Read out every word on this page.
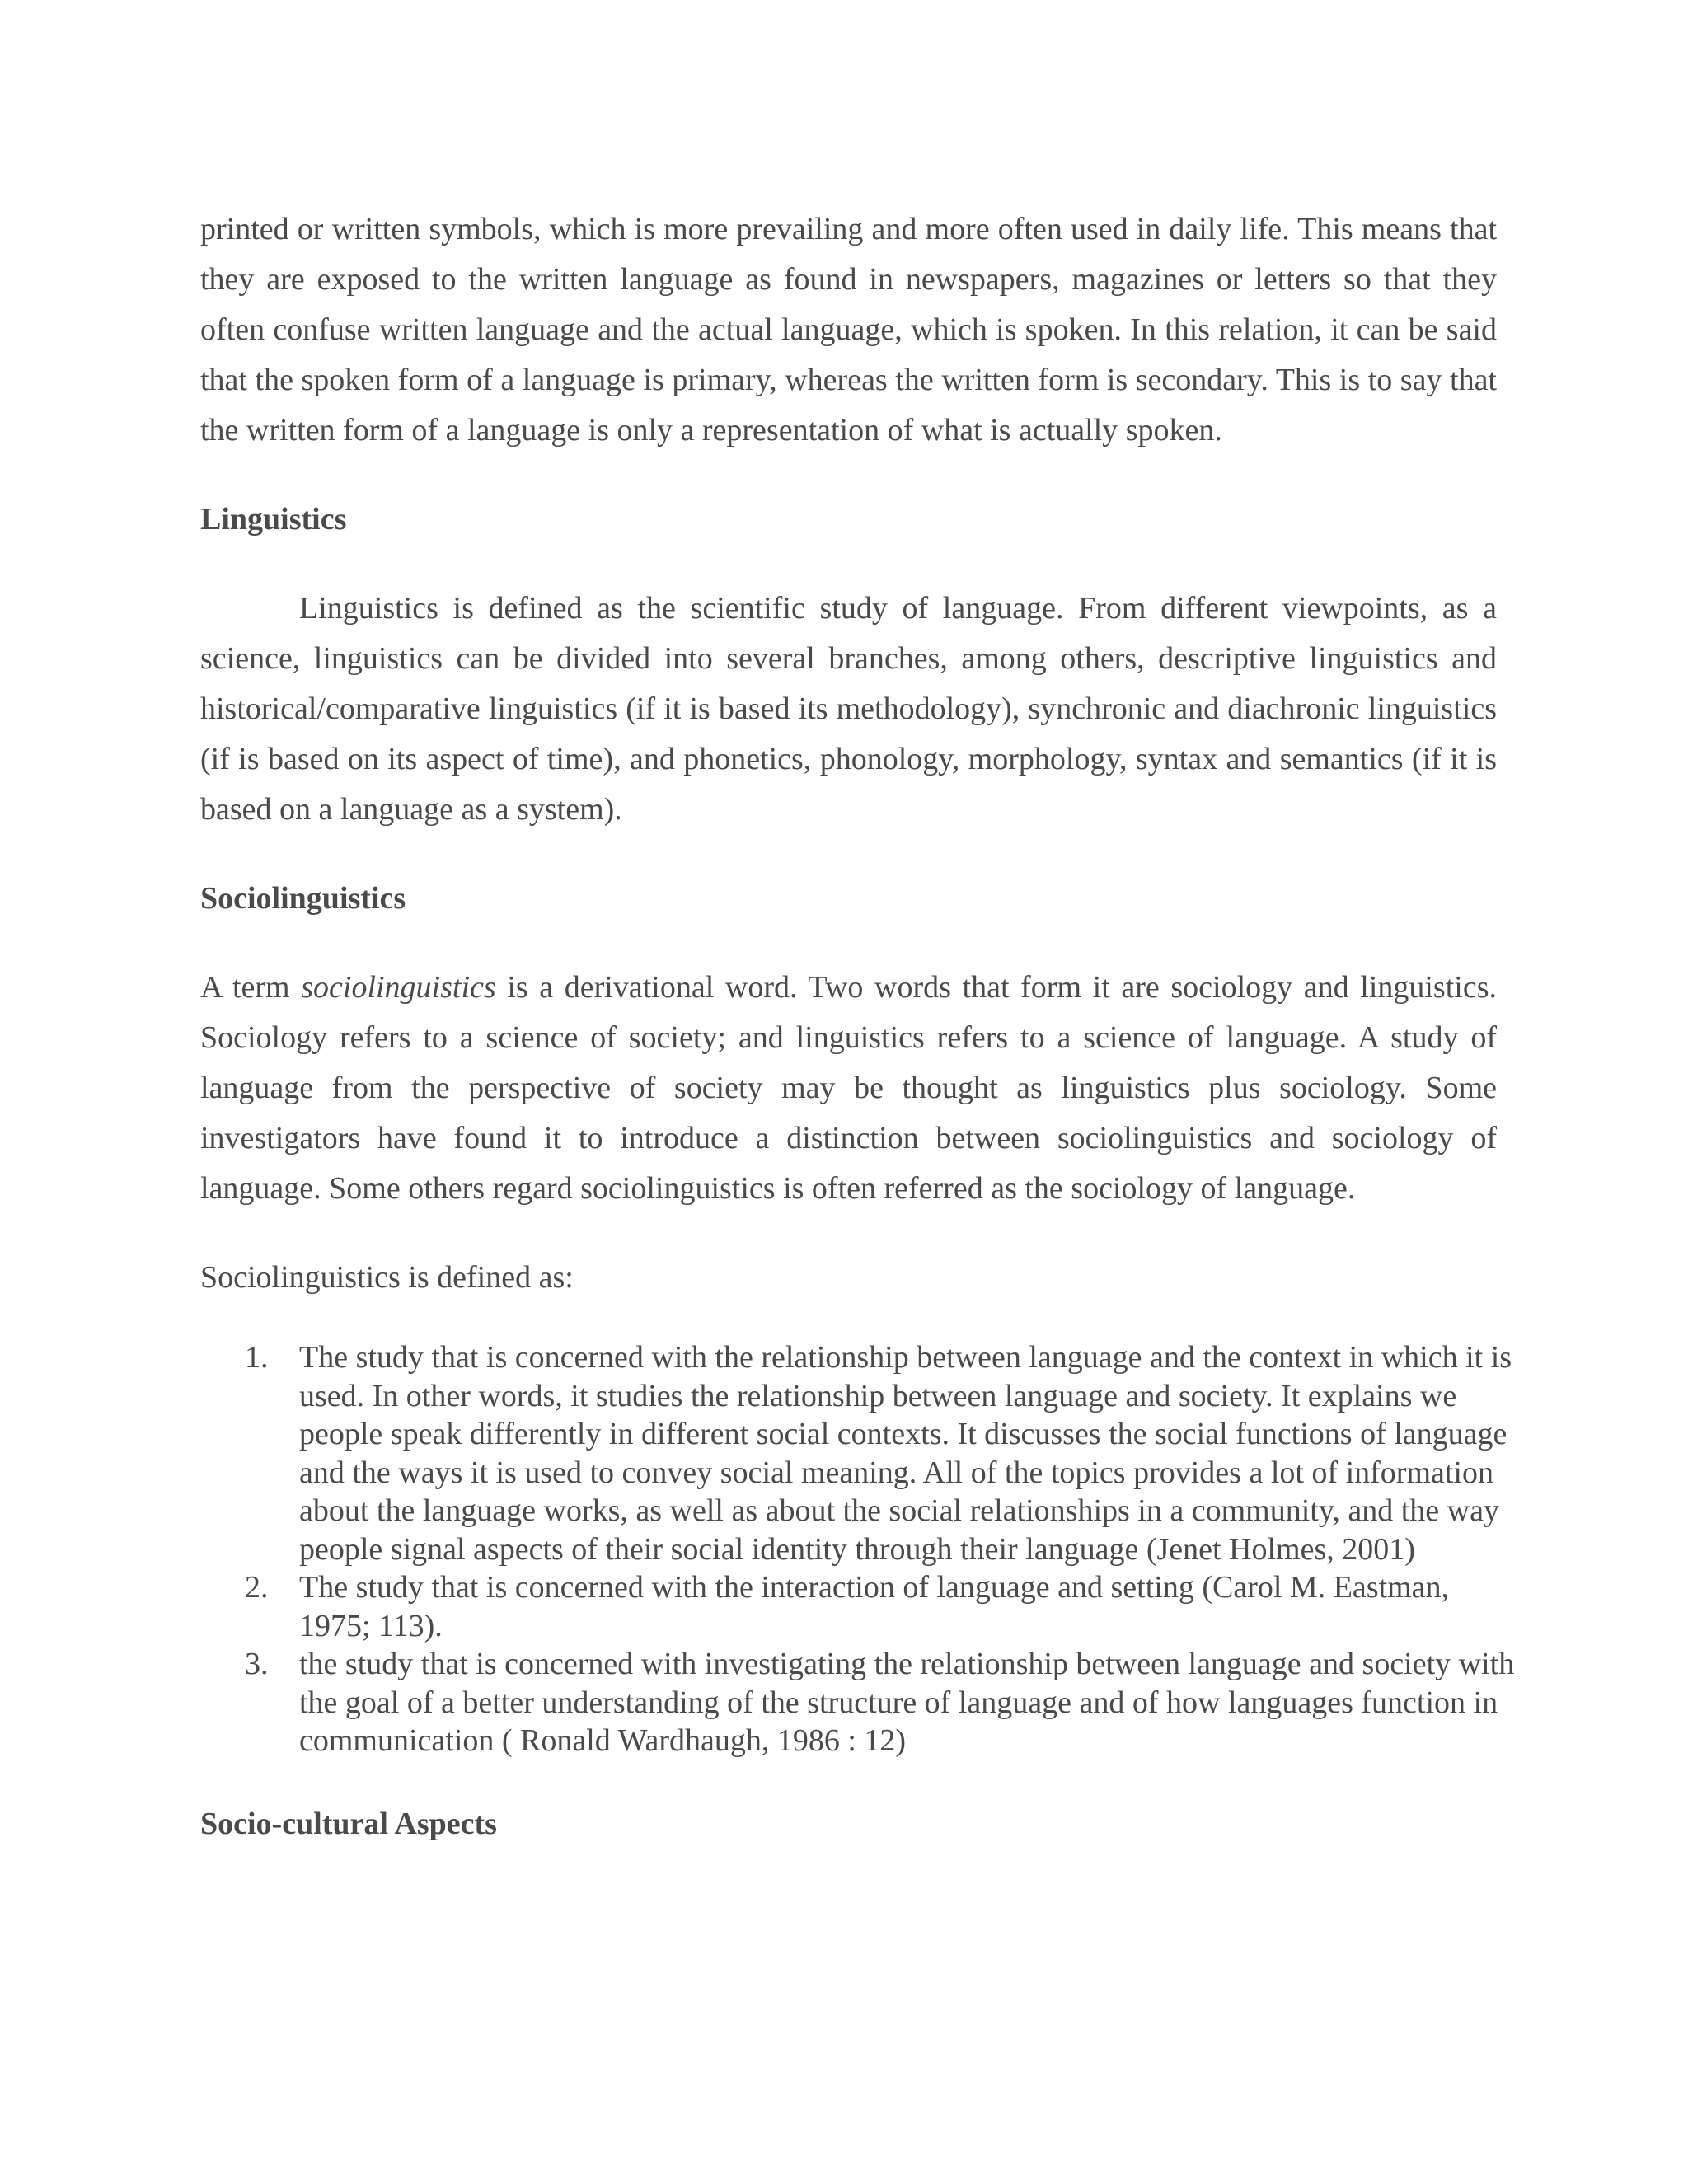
printed or written symbols, which is more prevailing and more often used in daily life. This means that they are exposed to the written language as found in newspapers, magazines or letters so that they often confuse written language and the actual language, which is spoken. In this relation, it can be said that the spoken form of a language is primary, whereas the written form is secondary. This is to say that the written form of a language is only a representation of what is actually spoken.

Linguistics

Linguistics is defined as the scientific study of language. From different viewpoints, as a science, linguistics can be divided into several branches, among others, descriptive linguistics and historical/comparative linguistics (if it is based its methodology), synchronic and diachronic linguistics (if is based on its aspect of time), and phonetics, phonology, morphology, syntax and semantics (if it is based on a language as a system).

Sociolinguistics

A term sociolinguistics is a derivational word. Two words that form it are sociology and linguistics. Sociology refers to a science of society; and linguistics refers to a science of language. A study of language from the perspective of society may be thought as linguistics plus sociology. Some investigators have found it to introduce a distinction between sociolinguistics and sociology of language. Some others regard sociolinguistics is often referred as the sociology of language.

Sociolinguistics is defined as:

1. The study that is concerned with the relationship between language and the context in which it is used. In other words, it studies the relationship between language and society. It explains we people speak differently in different social contexts. It discusses the social functions of language and the ways it is used to convey social meaning. All of the topics provides a lot of information about the language works, as well as about the social relationships in a community, and the way people signal aspects of their social identity through their language (Jenet Holmes, 2001)
2. The study that is concerned with the interaction of language and setting (Carol M. Eastman, 1975; 113).
3. the study that is concerned with investigating the relationship between language and society with the goal of a better understanding of the structure of language and of how languages function in communication ( Ronald Wardhaugh, 1986 : 12)
Socio-cultural Aspects
